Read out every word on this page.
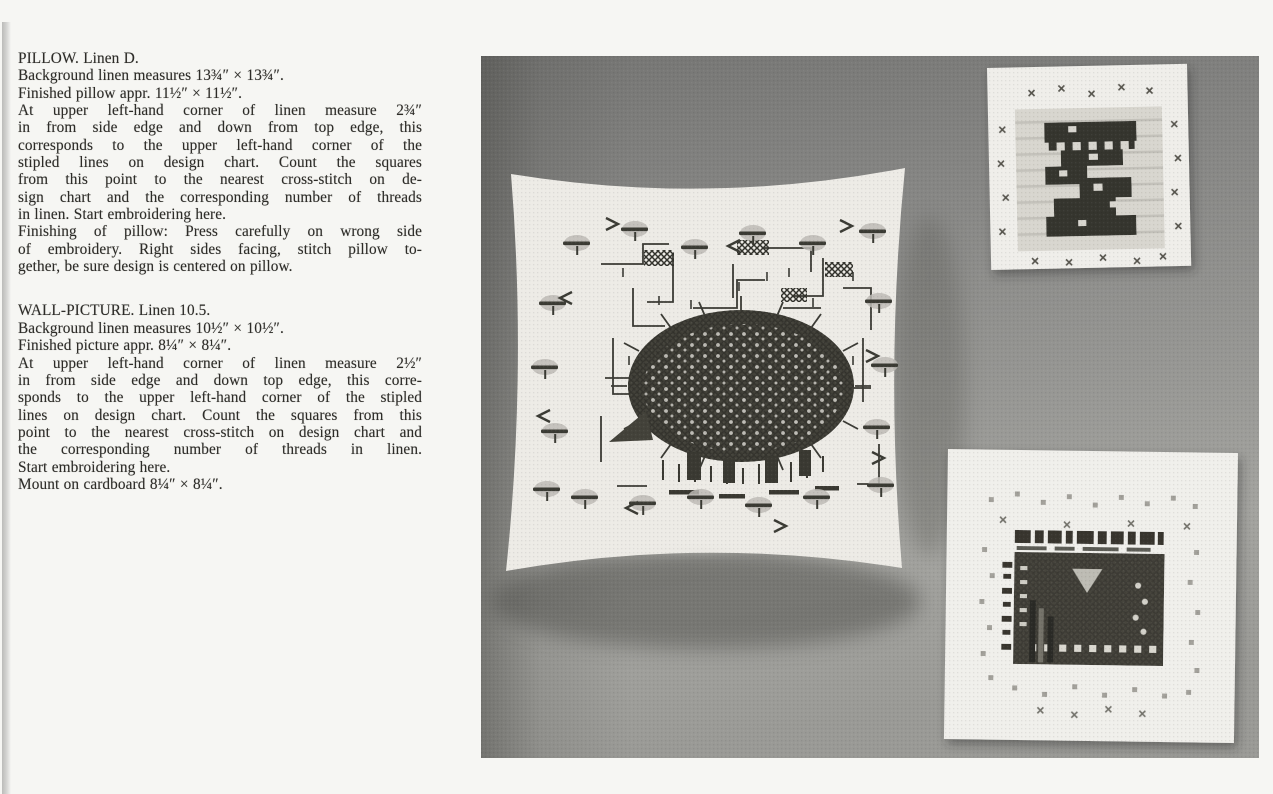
PILLOW. Linen D.
Background linen measures 13¾″ × 13¾″.
Finished pillow appr. 11½″ × 11½″.
At upper left-hand corner of linen measure 2¾″
in from side edge and down from top edge, this
corresponds to the upper left-hand corner of the
stipled lines on design chart. Count the squares
from this point to the nearest cross-stitch on de-
sign chart and the corresponding number of threads
in linen. Start embroidering here.
Finishing of pillow: Press carefully on wrong side
of embroidery. Right sides facing, stitch pillow to-
gether, be sure design is centered on pillow.
WALL-PICTURE. Linen 10.5.
Background linen measures 10½″ × 10½″.
Finished picture appr. 8¼″ × 8¼″.
At upper left-hand corner of linen measure 2½″
in from side edge and down top edge, this corre-
sponds to the upper left-hand corner of the stipled
lines on design chart. Count the squares from this
point to the nearest cross-stitch on design chart and
the corresponding number of threads in linen.
Start embroidering here.
Mount on cardboard 8¼″ × 8¼″.
